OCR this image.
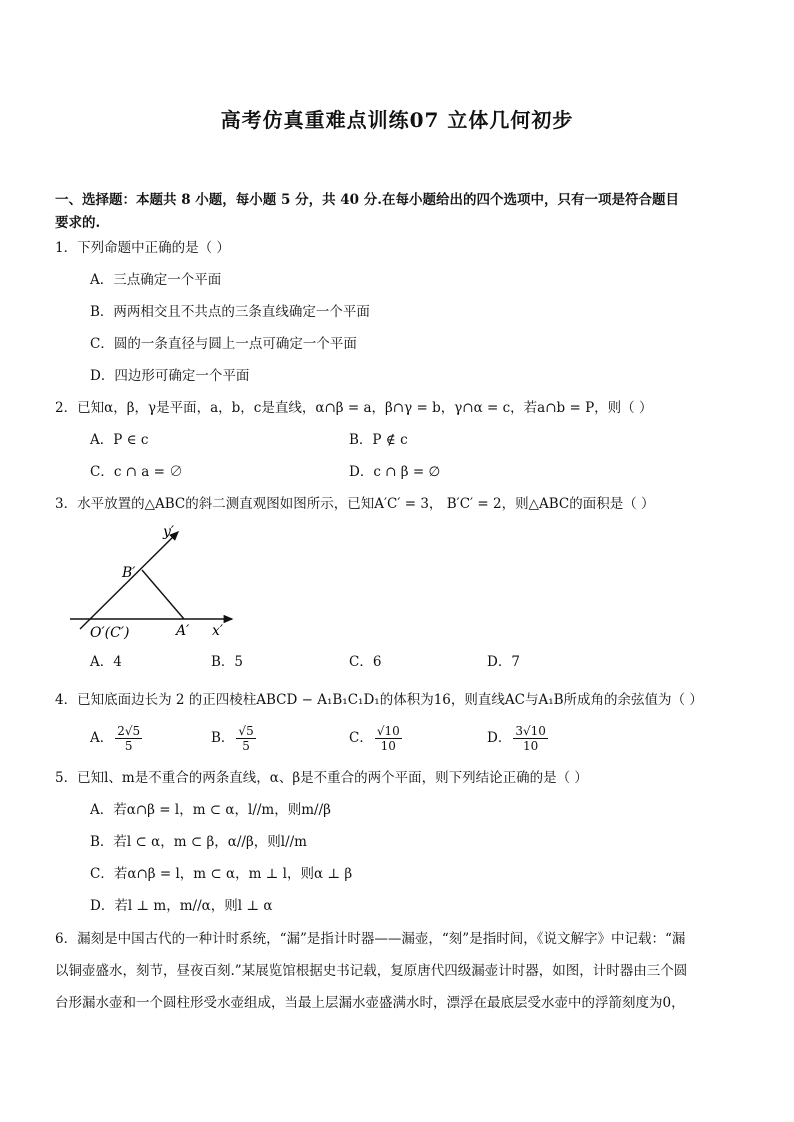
高考仿真重难点训练07 立体几何初步
一、选择题：本题共 8 小题，每小题 5 分，共 40 分.在每小题给出的四个选项中，只有一项是符合题目
要求的.
1．下列命题中正确的是（ ）
A．三点确定一个平面
B．两两相交且不共点的三条直线确定一个平面
C．圆的一条直径与圆上一点可确定一个平面
D．四边形可确定一个平面
2．已知α，β，γ是平面，a，b，c是直线，α∩β = a，β∩γ = b，γ∩α = c，若a∩b = P，则（ ）
A．P ∈ c	B．P ∉ c
C．c ∩ a = ∅	D．c ∩ β = ∅
3．水平放置的△ABC的斜二测直观图如图所示，已知A′C′ = 3， B′C′ = 2，则△ABC的面积是（ ）
y′
x′
B′
A′
O′(C′)
A．4	B．5	C．6	D．7
4．已知底面边长为 2 的正四棱柱ABCD − A₁B₁C₁D₁的体积为16，则直线AC与A₁B所成角的余弦值为（ ）
A． $\frac{2√5}{5}$	B． $\frac{√5}{5}$	C． $\frac{√10}{10}$	D． $\frac{3√10}{10}$
5．已知l、m是不重合的两条直线，α、β是不重合的两个平面，则下列结论正确的是（ ）
A．若α∩β = l，m ⊂ α，l//m，则m//β
B．若l ⊂ α，m ⊂ β，α//β，则l//m
C．若α∩β = l，m ⊂ α，m ⊥ l，则α ⊥ β
D．若l ⊥ m，m//α，则l ⊥ α
6．漏刻是中国古代的一种计时系统，“漏”是指计时器——漏壶，“刻”是指时间，《说文解字》中记载：“漏
以铜壶盛水，刻节，昼夜百刻.”某展览馆根据史书记载，复原唐代四级漏壶计时器，如图，计时器由三个圆
台形漏水壶和一个圆柱形受水壶组成，当最上层漏水壶盛满水时，漂浮在最底层受水壶中的浮箭刻度为0，
